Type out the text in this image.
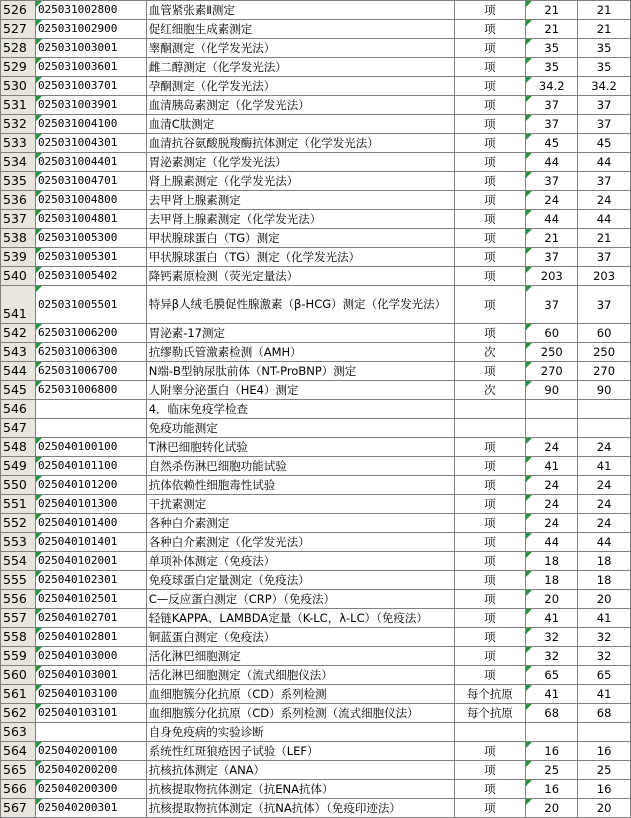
526	025031002800	血管紧张素Ⅱ测定	项	21	21
527	025031002900	促红细胞生成素测定	项	21	21
528	025031003001	睾酮测定（化学发光法）	项	35	35
529	025031003601	雌二醇测定（化学发光法）	项	35	35
530	025031003701	孕酮测定（化学发光法）	项	34.2	34.2
531	025031003901	血清胰岛素测定（化学发光法）	项	37	37
532	025031004100	血清C肽测定	项	37	37
533	025031004301	血清抗谷氨酸脱羧酶抗体测定（化学发光法）	项	45	45
534	025031004401	胃泌素测定（化学发光法）	项	44	44
535	025031004701	肾上腺素测定（化学发光法）	项	37	37
536	025031004800	去甲肾上腺素测定	项	24	24
537	025031004801	去甲肾上腺素测定（化学发光法）	项	44	44
538	025031005300	甲状腺球蛋白（TG）测定	项	21	21
539	025031005301	甲状腺球蛋白（TG）测定（化学发光法）	项	37	37
540	025031005402	降钙素原检测（荧光定量法）	项	203	203
541	025031005501	特异β人绒毛膜促性腺激素（β-HCG）测定（化学发光法）	项	37	37
542	625031006200	胃泌素-17测定	项	60	60
543	625031006300	抗缪勒氏管激素检测（AMH）	次	250	250
544	625031006700	N端-B型钠尿肽前体（NT-ProBNP）测定	项	270	270
545	625031006800	人附睾分泌蛋白（HE4）测定	次	90	90
546		4．临床免疫学检查			
547		免疫功能测定			
548	025040100100	T淋巴细胞转化试验	项	24	24
549	025040101100	自然杀伤淋巴细胞功能试验	项	41	41
550	025040101200	抗体依赖性细胞毒性试验	项	24	24
551	025040101300	干扰素测定	项	24	24
552	025040101400	各种白介素测定	项	24	24
553	025040101401	各种白介素测定（化学发光法）	项	44	44
554	025040102001	单项补体测定（免疫法）	项	18	18
555	025040102301	免疫球蛋白定量测定（免疫法）	项	18	18
556	025040102501	C—反应蛋白测定（CRP）（免疫法）	项	20	20
557	025040102701	轻链KAPPA、LAMBDA定量（K-LC，λ-LC）（免疫法）	项	41	41
558	025040102801	铜蓝蛋白测定（免疫法）	项	32	32
559	025040103000	活化淋巴细胞测定	项	32	32
560	025040103001	活化淋巴细胞测定（流式细胞仪法）	项	65	65
561	025040103100	血细胞簇分化抗原（CD）系列检测	每个抗原	41	41
562	025040103101	血细胞簇分化抗原（CD）系列检测（流式细胞仪法）	每个抗原	68	68
563		自身免疫病的实验诊断			
564	025040200100	系统性红斑狼疮因子试验（LEF）	项	16	16
565	025040200200	抗核抗体测定（ANA）	项	25	25
566	025040200300	抗核提取物抗体测定（抗ENA抗体）	项	16	16
567	025040200301	抗核提取物抗体测定（抗NA抗体）（免疫印迹法）	项	20	20
